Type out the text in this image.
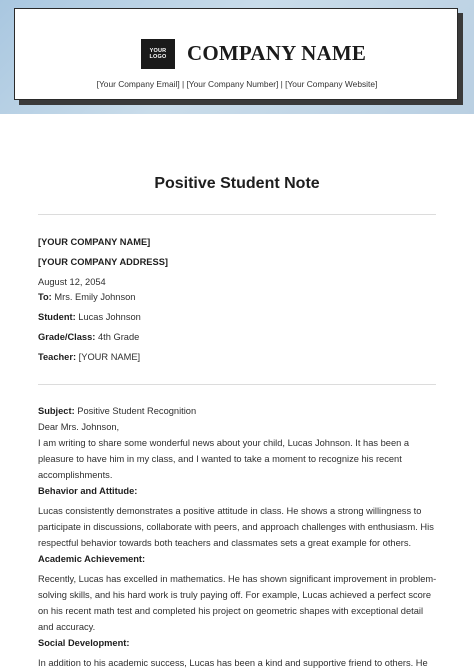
YOUR LOGO COMPANY NAME
[Your Company Email] | [Your Company Number] | [Your Company Website]
Positive Student Note
[YOUR COMPANY NAME]
[YOUR COMPANY ADDRESS]
August 12, 2054
To: Mrs. Emily Johnson
Student: Lucas Johnson
Grade/Class: 4th Grade
Teacher: [YOUR NAME]

Subject: Positive Student Recognition

Dear Mrs. Johnson,

I am writing to share some wonderful news about your child, Lucas Johnson. It has been a pleasure to have him in my class, and I wanted to take a moment to recognize his recent accomplishments.

Behavior and Attitude:

Lucas consistently demonstrates a positive attitude in class. He shows a strong willingness to participate in discussions, collaborate with peers, and approach challenges with enthusiasm. His respectful behavior towards both teachers and classmates sets a great example for others.

Academic Achievement:

Recently, Lucas has excelled in mathematics. He has shown significant improvement in problem-solving skills, and his hard work is truly paying off. For example, Lucas achieved a perfect score on his recent math test and completed his project on geometric shapes with exceptional detail and accuracy.

Social Development:

In addition to his academic success, Lucas has been a kind and supportive friend to others. He
